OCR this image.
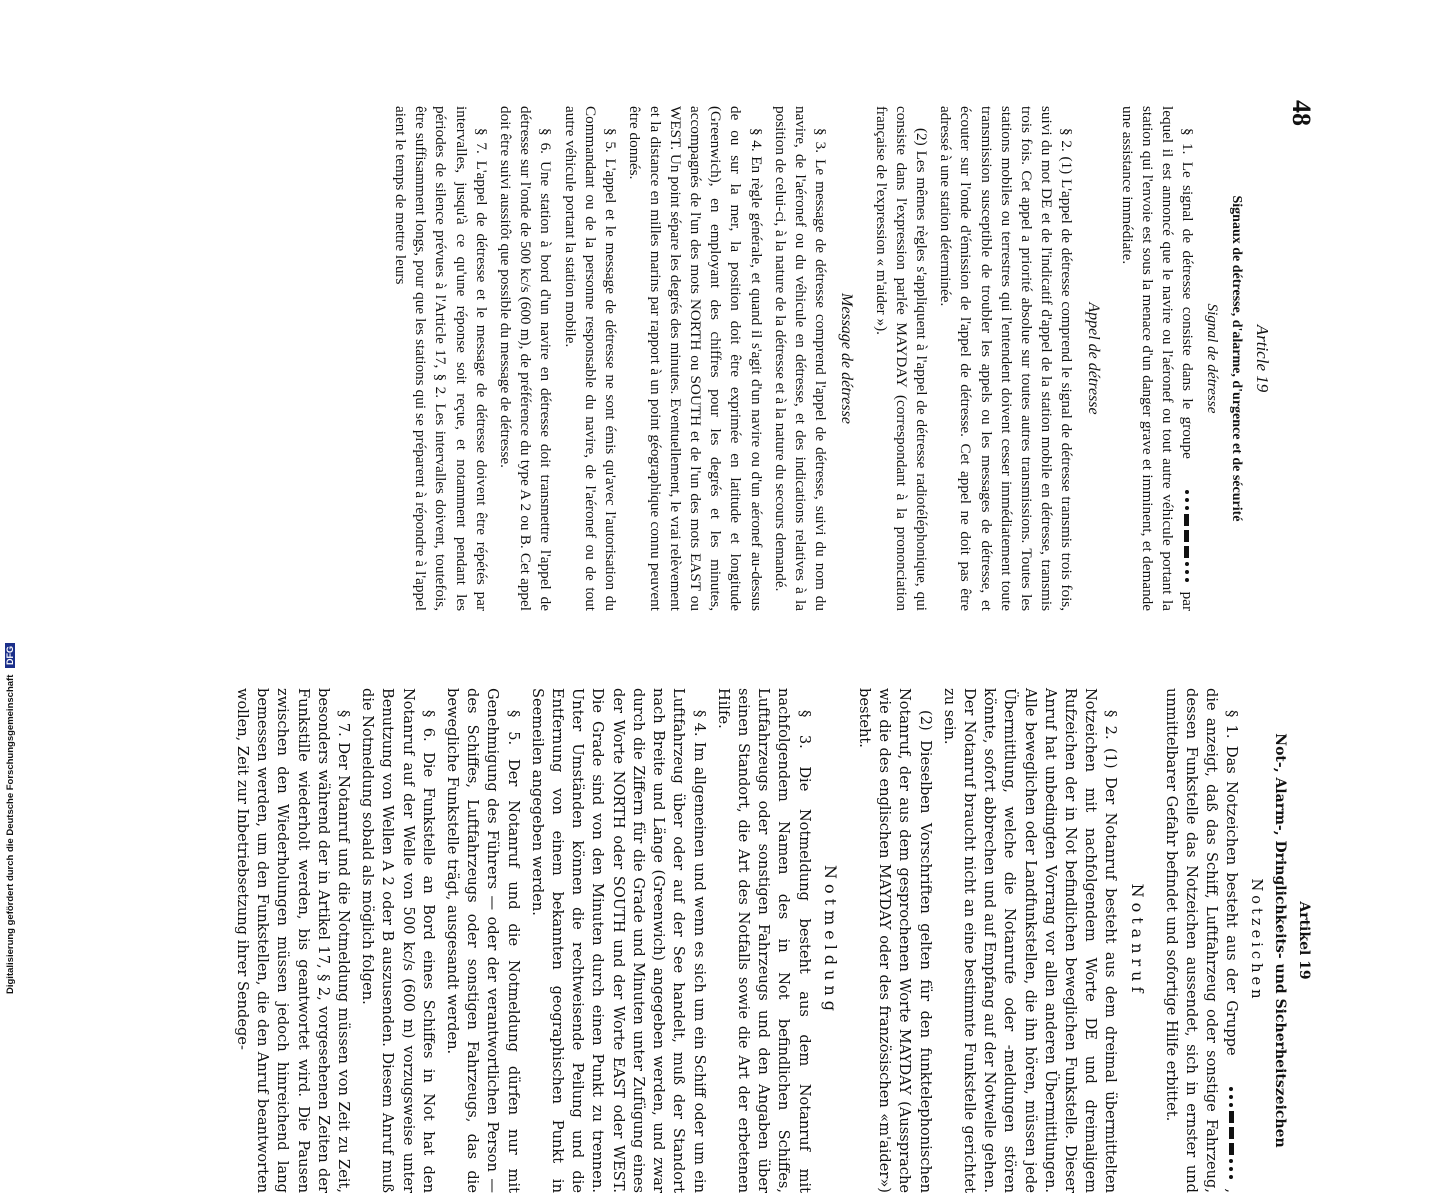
48
Article 19
Signaux de détresse, d'alarme, d'urgence et de sécurité
Signal de détresse

§ 1. Le signal de détresse consiste dans le groupe  par lequel il est annoncé que le navire ou l'aéronef ou tout autre véhicule portant la station qui l'envoie est sous la menace d'un danger grave et imminent, et demande une assistance immédiate.

Appel de détresse

§ 2. (1) L'appel de détresse comprend le signal de détresse transmis trois fois, suivi du mot DE et de l'indicatif d'appel de la station mobile en détresse, transmis trois fois. Cet appel a priorité absolue sur toutes autres transmissions. Toutes les stations mobiles ou terrestres qui l'entendent doivent cesser immédiatement toute transmission susceptible de troubler les appels ou les messages de détresse, et écouter sur l'onde d'émission de l'appel de détresse. Cet appel ne doit pas être adressé à une station déterminée.

(2) Les mêmes règles s'appliquent à l'appel de détresse radiotéléphonique, qui consiste dans l'expression parlée MAYDAY (correspondant à la prononciation française de l'expression « m'aider »).

Message de détresse

§ 3. Le message de détresse comprend l'appel de détresse, suivi du nom du navire, de l'aéronef ou du véhicule en détresse, et des indications relatives à la position de celui-ci, à la nature de la détresse et à la nature du secours demandé.

§ 4. En règle générale, et quand il s'agit d'un navire ou d'un aéronef au-dessus de ou sur la mer, la position doit être exprimée en latitude et longitude (Greenwich), en employant des chiffres pour les degrés et les minutes, accompagnés de l'un des mots NORTH ou SOUTH et de l'un des mots EAST ou WEST. Un point sépare les degrés des minutes. Eventuellement, le vrai relèvement et la distance en milles marins par rapport à un point géographique connu peuvent être donnés.

§ 5. L'appel et le message de détresse ne sont émis qu'avec l'autorisation du Commandant ou de la personne responsable du navire, de l'aéronef ou de tout autre véhicule portant la station mobile.

§ 6. Une station à bord d'un navire en détresse doit transmettre l'appel de détresse sur l'onde de 500 kc/s (600 m), de préférence du type A 2 ou B. Cet appel doit être suivi aussitôt que possible du message de détresse.

§ 7. L'appel de détresse et le message de détresse doivent être répétés par intervalles, jusqu'à ce qu'une réponse soit reçue, et notamment pendant les périodes de silence prévues à l'Article 17, § 2. Les intervalles doivent, toutefois, être suffisamment longs, pour que les stations qui se préparent à répondre à l'appel aient le temps de mettre leurs

Artikel 19
Not-, Alarm-, Dringlichkeits- und Sicherheitszeichen
Notzeichen

§ 1. Das Notzeichen besteht aus der Gruppe  , die anzeigt, daß das Schiff, Luftfahrzeug oder sonstige Fahrzeug, dessen Funkstelle das Notzeichen aussendet, sich in ernster und unmittelbarer Gefahr befindet und sofortige Hilfe erbittet.

Notanruf

§ 2. (1) Der Notanruf besteht aus dem dreimal übermittelten Notzeichen mit nachfolgendem Worte DE und dreimaligem Rufzeichen der in Not befindlichen beweglichen Funkstelle. Dieser Anruf hat unbedingten Vorrang vor allen anderen Übermittlungen. Alle beweglichen oder Landfunkstellen, die ihn hören, müssen jede Übermittlung, welche die Notanrufe oder -meldungen stören könnte, sofort abbrechen und auf Empfang auf der Notwelle gehen. Der Notanruf braucht nicht an eine bestimmte Funkstelle gerichtet zu sein.

(2) Dieselben Vorschriften gelten für den funktelephonischen Notanruf, der aus dem gesprochenen Worte MAYDAY (Aussprache wie die des englischen MAYDAY oder des französischen «m'aider») besteht.

Notmeldung

§ 3. Die Notmeldung besteht aus dem Notanruf mit nachfolgendem Namen des in Not befindlichen Schiffes, Luftfahrzeugs oder sonstigen Fahrzeugs und den Angaben über seinen Standort, die Art des Notfalls sowie die Art der erbetenen Hilfe.

§ 4. Im allgemeinen und wenn es sich um ein Schiff oder um ein Luftfahrzeug über oder auf der See handelt, muß der Standort nach Breite und Länge (Greenwich) angegeben werden, und zwar durch die Ziffern für die Grade und Minuten unter Zufügung eines der Worte NORTH oder SOUTH und der Worte EAST oder WEST. Die Grade sind von den Minuten durch einen Punkt zu trennen. Unter Umständen können die rechtweisende Peilung und die Entfernung von einem bekannten geographischen Punkt in Seemeilen angegeben werden.

§ 5. Der Notanruf und die Notmeldung dürfen nur mit Genehmigung des Führers — oder der verantwortlichen Person — des Schiffes, Luftfahrzeugs oder sonstigen Fahrzeugs, das die bewegliche Funkstelle trägt, ausgesandt werden.

§ 6. Die Funkstelle an Bord eines Schiffes in Not hat den Notanruf auf der Welle von 500 kc/s (600 m) vorzugsweise unter Benutzung von Wellen A 2 oder B auszusenden. Diesem Anruf muß die Notmeldung sobald als möglich folgen.

§ 7. Der Notanruf und die Notmeldung müssen von Zeit zu Zeit, besonders während der in Artikel 17, § 2, vorgesehenen Zeiten der Funkstille wiederholt werden, bis geantwortet wird. Die Pausen zwischen den Wiederholungen müssen jedoch hinreichend lang bemessen werden, um den Funkstellen, die den Anruf beantworten wollen, Zeit zur Inbetriebsetzung ihrer Sendege-

Digitalisierung gefördert durch die Deutsche Forschungsgemeinschaft DFG
